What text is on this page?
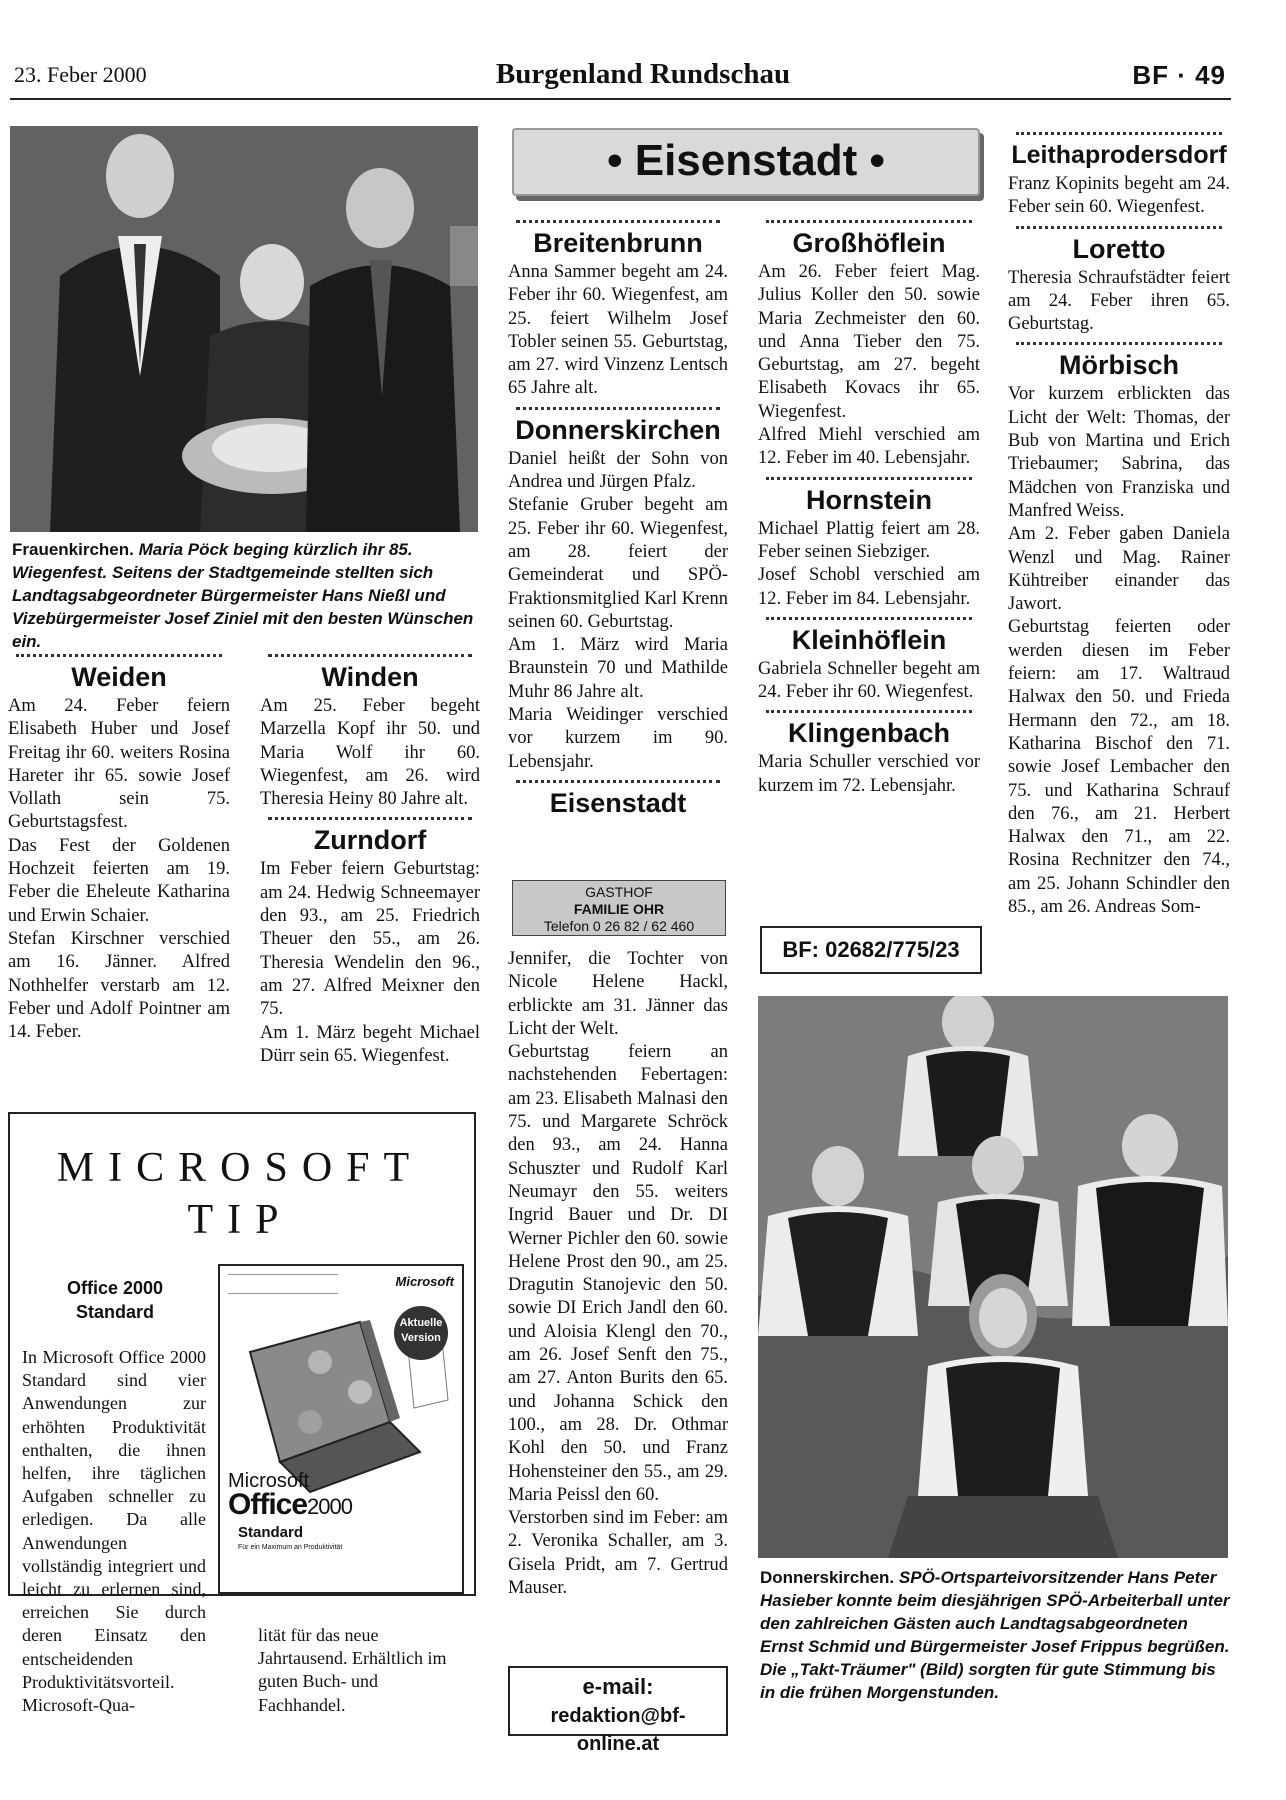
23. Feber 2000	Burgenland Rundschau	BF · 49
Frauenkirchen. Maria Pöck beging kürzlich ihr 85. Wiegenfest. Seitens der Stadtgemeinde stellten sich Landtagsabgeordneter Bürgermeister Hans Nießl und Vizebürgermeister Josef Ziniel mit den besten Wünschen ein.
Weiden

Am 24. Feber feiern Elisabeth Huber und Josef Freitag ihr 60. weiters Rosina Hareter ihr 65. sowie Josef Vollath sein 75. Geburtstagsfest.

Das Fest der Goldenen Hochzeit feierten am 19. Feber die Eheleute Katharina und Erwin Schaier.

Stefan Kirschner verschied am 16. Jänner. Alfred Nothhelfer verstarb am 12. Feber und Adolf Pointner am 14. Feber.

Winden

Am 25. Feber begeht Marzella Kopf ihr 50. und Maria Wolf ihr 60. Wiegenfest, am 26. wird Theresia Heiny 80 Jahre alt.

Zurndorf

Im Feber feiern Geburtstag: am 24. Hedwig Schneemayer den 93., am 25. Friedrich Theuer den 55., am 26. Theresia Wendelin den 96., am 27. Alfred Meixner den 75.

Am 1. März begeht Michael Dürr sein 65. Wiegenfest.

MICROSOFT
TIP
Office 2000
Standard
In Microsoft Office 2000 Standard sind vier Anwendungen zur erhöhten Produktivität enthalten, die ihnen helfen, ihre täglichen Aufgaben schneller zu erledigen. Da alle Anwendungen vollständig integriert und leicht zu erlernen sind, erreichen Sie durch deren Einsatz den entscheidenden Produktivitätsvorteil. Microsoft-Qua-
lität für das neue Jahrtausend. Erhältlich im guten Buch- und Fachhandel.
Microsoft
Aktuelle Version
Microsoft
Office2000
Standard
Für ein Maximum an Produktivität
• Eisenstadt •
Breitenbrunn

Anna Sammer begeht am 24. Feber ihr 60. Wiegenfest, am 25. feiert Wilhelm Josef Tobler seinen 55. Geburtstag, am 27. wird Vinzenz Lentsch 65 Jahre alt.

Donnerskirchen

Daniel heißt der Sohn von Andrea und Jürgen Pfalz.

Stefanie Gruber begeht am 25. Feber ihr 60. Wiegenfest, am 28. feiert der Gemeinderat und SPÖ-Fraktionsmitglied Karl Krenn seinen 60. Geburtstag.

Am 1. März wird Maria Braunstein 70 und Mathilde Muhr 86 Jahre alt.

Maria Weidinger verschied vor kurzem im 90. Lebensjahr.

Eisenstadt
GASTHOF
FAMILIE OHR
Telefon 0 26 82 / 62 460

Jennifer, die Tochter von Nicole Helene Hackl, erblickte am 31. Jänner das Licht der Welt.

Geburtstag feiern an nachstehenden Febertagen: am 23. Elisabeth Malnasi den 75. und Margarete Schröck den 93., am 24. Hanna Schuszter und Rudolf Karl Neumayr den 55. weiters Ingrid Bauer und Dr. DI Werner Pichler den 60. sowie Helene Prost den 90., am 25. Dragutin Stanojevic den 50. sowie DI Erich Jandl den 60. und Aloisia Klengl den 70., am 26. Josef Senft den 75., am 27. Anton Burits den 65. und Johanna Schick den 100., am 28. Dr. Othmar Kohl den 50. und Franz Hohensteiner den 55., am 29. Maria Peissl den 60.

Verstorben sind im Feber: am 2. Veronika Schaller, am 3. Gisela Pridt, am 7. Gertrud Mauser.

e-mail:
redaktion@bf-online.at
Großhöflein

Am 26. Feber feiert Mag. Julius Koller den 50. sowie Maria Zechmeister den 60. und Anna Tieber den 75. Geburtstag, am 27. begeht Elisabeth Kovacs ihr 65. Wiegenfest.

Alfred Miehl verschied am 12. Feber im 40. Lebensjahr.

Hornstein

Michael Plattig feiert am 28. Feber seinen Siebziger.

Josef Schobl verschied am 12. Feber im 84. Lebensjahr.

Kleinhöflein

Gabriela Schneller begeht am 24. Feber ihr 60. Wiegenfest.

Klingenbach

Maria Schuller verschied vor kurzem im 72. Lebensjahr.

BF: 02682/775/23
Leithaprodersdorf

Franz Kopinits begeht am 24. Feber sein 60. Wiegenfest.

Loretto

Theresia Schraufstädter feiert am 24. Feber ihren 65. Geburtstag.

Mörbisch

Vor kurzem erblickten das Licht der Welt: Thomas, der Bub von Martina und Erich Triebaumer; Sabrina, das Mädchen von Franziska und Manfred Weiss.

Am 2. Feber gaben Daniela Wenzl und Mag. Rainer Kühtreiber einander das Jawort.

Geburtstag feierten oder werden diesen im Feber feiern: am 17. Waltraud Halwax den 50. und Frieda Hermann den 72., am 18. Katharina Bischof den 71. sowie Josef Lembacher den 75. und Katharina Schrauf den 76., am 21. Herbert Halwax den 71., am 22. Rosina Rechnitzer den 74., am 25. Johann Schindler den 85., am 26. Andreas Som-

Donnerskirchen. SPÖ-Ortsparteivorsitzender Hans Peter Hasieber konnte beim diesjährigen SPÖ-Arbeiterball unter den zahlreichen Gästen auch Landtagsabgeordneten Ernst Schmid und Bürgermeister Josef Frippus begrüßen. Die „Takt-Träumer" (Bild) sorgten für gute Stimmung bis in die frühen Morgenstunden.
